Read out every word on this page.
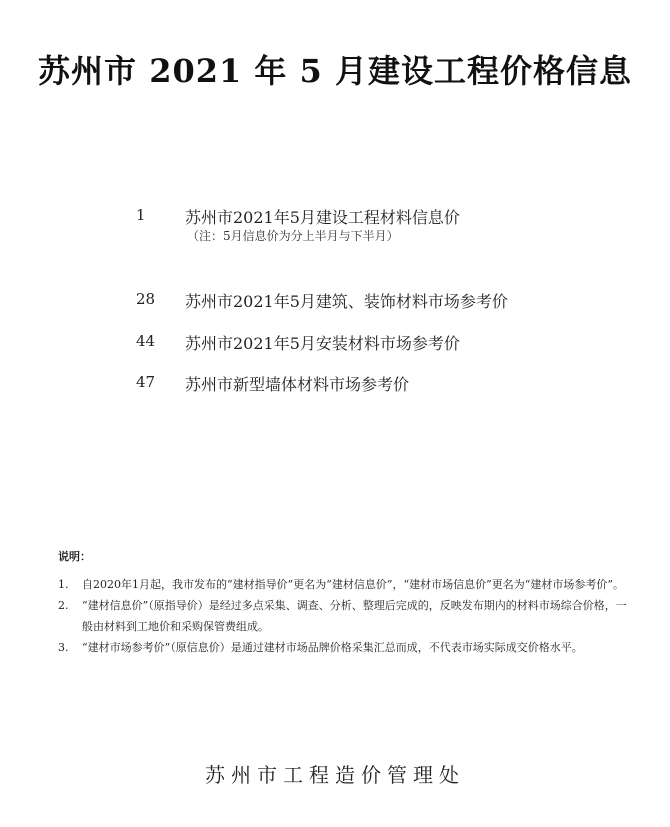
苏州市 2021 年 5 月建设工程价格信息
1 苏州市2021年5月建设工程材料信息价
（注：5月信息价为分上半月与下半月）
28 苏州市2021年5月建筑、装饰材料市场参考价
44 苏州市2021年5月安装材料市场参考价
47 苏州市新型墙体材料市场参考价
说明：
1. 自2020年1月起，我市发布的“建材指导价”更名为“建材信息价”，“建材市场信息价”更名为“建材市场参考价”。
2. “建材信息价”（原指导价）是经过多点采集、调查、分析、整理后完成的，反映发布期内的材料市场综合价格，一般由材料到工地价和采购保管费组成。
3. “建材市场参考价”（原信息价）是通过建材市场品牌价格采集汇总而成，不代表市场实际成交价格水平。
苏州市工程造价管理处
